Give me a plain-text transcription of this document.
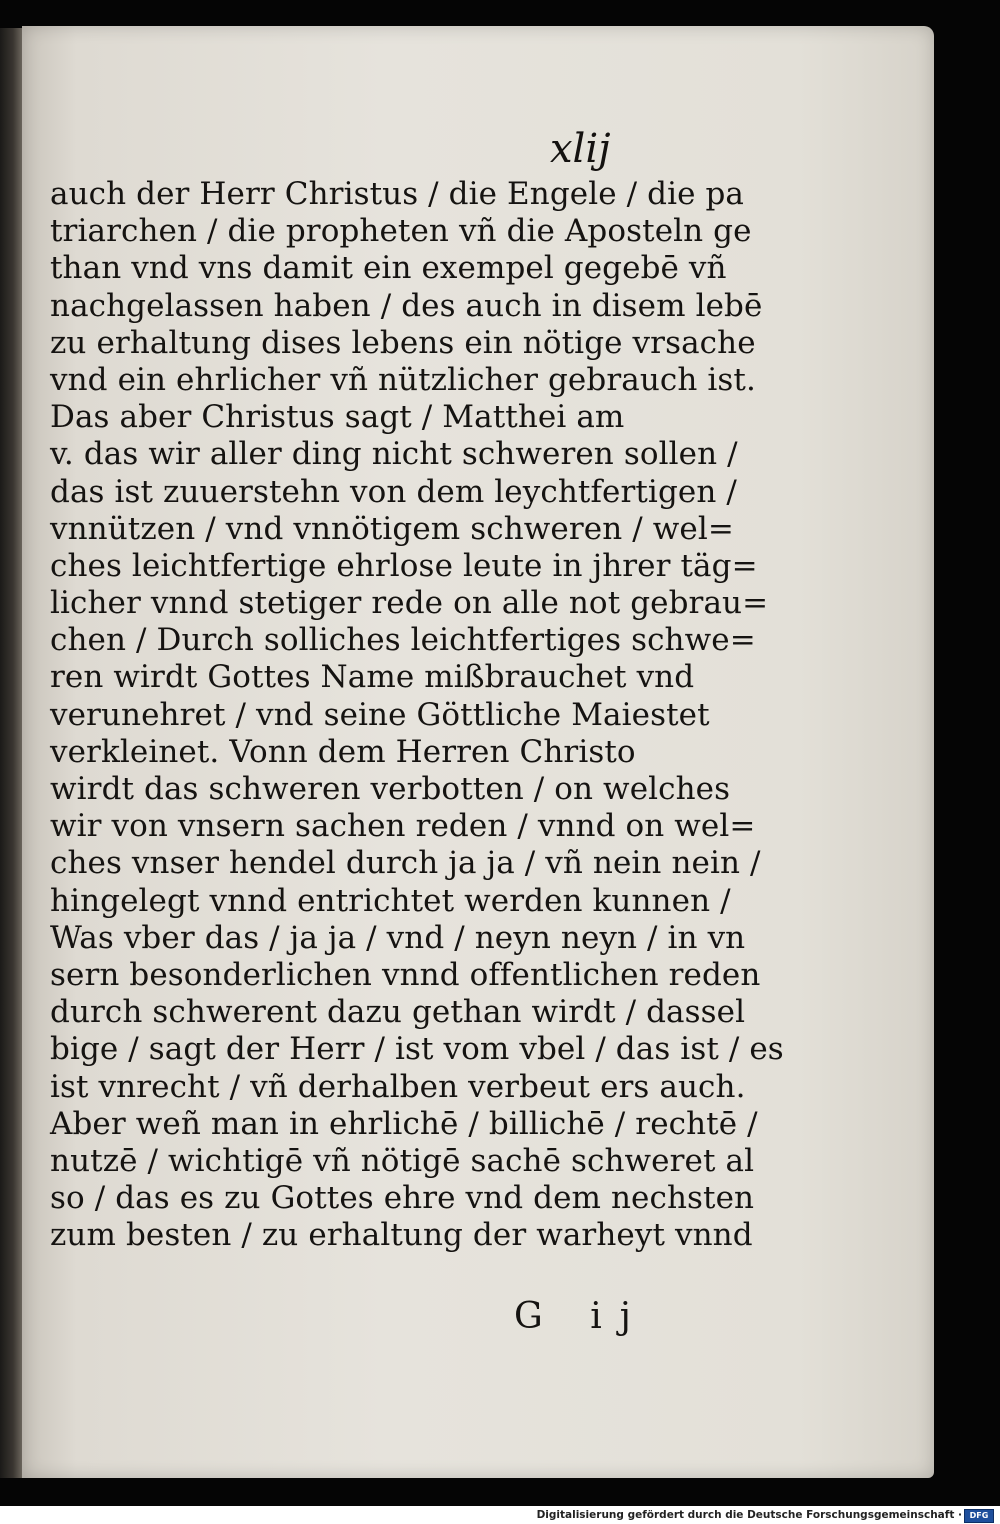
xlij
auch der Herr Christus / die Engele / die pa
triarchen / die propheten vñ die Aposteln ge
than vnd vns damit ein exempel gegebē vñ
nachgelassen haben / des auch in disem lebē
zu erhaltung dises lebens ein nötige vrsache
vnd ein ehrlicher vñ nützlicher gebrauch ist.
Das aber Christus sagt / Matthei am
v. das wir aller ding nicht schweren sollen /
das ist zuuerstehn von dem leychtfertigen /
vnnützen / vnd vnnötigem schweren / wel=
ches leichtfertige ehrlose leute in jhrer täg=
licher vnnd stetiger rede on alle not gebrau=
chen / Durch solliches leichtfertiges schwe=
ren wirdt Gottes Name mißbrauchet vnd
verunehret / vnd seine Göttliche Maiestet
verkleinet. Vonn dem Herren Christo
wirdt das schweren verbotten / on welches
wir von vnsern sachen reden / vnnd on wel=
ches vnser hendel durch ja ja / vñ nein nein /
hingelegt vnnd entrichtet werden kunnen /
Was vber das / ja ja / vnd / neyn neyn / in vn
sern besonderlichen vnnd offentlichen reden
durch schwerent dazu gethan wirdt / dassel
bige / sagt der Herr / ist vom vbel / das ist / es
ist vnrecht / vñ derhalben verbeut ers auch.
Aber weñ man in ehrlichē / billichē / rechtē /
nutzē / wichtigē vñ nötigē sachē schweret al
so / das es zu Gottes ehre vnd dem nechsten
zum besten / zu erhaltung der warheyt vnnd
G ij
Digitalisierung gefördert durch die Deutsche Forschungsgemeinschaft · DFG
